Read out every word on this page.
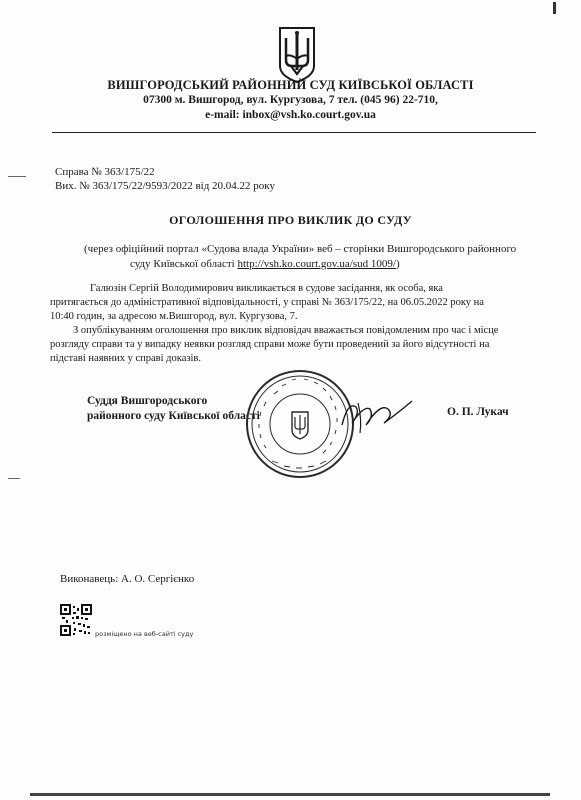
ВИШГОРОДСЬКИЙ РАЙОННИЙ СУД КИЇВСЬКОЇ ОБЛАСТІ
07300 м. Вишгород, вул. Кургузова, 7 тел. (045 96) 22-710,
e-mail: inbox@vsh.ko.court.gov.ua
Справа № 363/175/22
Вих. № 363/175/22/9593/2022 від 20.04.22 року
ОГОЛОШЕННЯ ПРО ВИКЛИК ДО СУДУ
(через офіційний портал «Судова влада України» веб – сторінки Вишгородського районного
суду Київської області http://vsh.ko.court.gov.ua/sud 1009/)
Галюзін Сергій Володимирович викликається в судове засідання, як особа, яка
притягається до адміністративної відповідальності, у справі № 363/175/22, на 06.05.2022 року на
10:40 годин, за адресою м.Вишгород, вул. Кургузова, 7.
З опублікуванням оголошення про виклик відповідач вважається повідомленим про час і місце
розгляду справи та у випадку неявки розгляд справи може бути проведений за його відсутності на
підставі наявних у справі доказів.
Суддя Вишгородського
районного суду Київської області	О. П. Лукач
Виконавець: А. О. Сергієнко
розміщено на веб-сайті суду
